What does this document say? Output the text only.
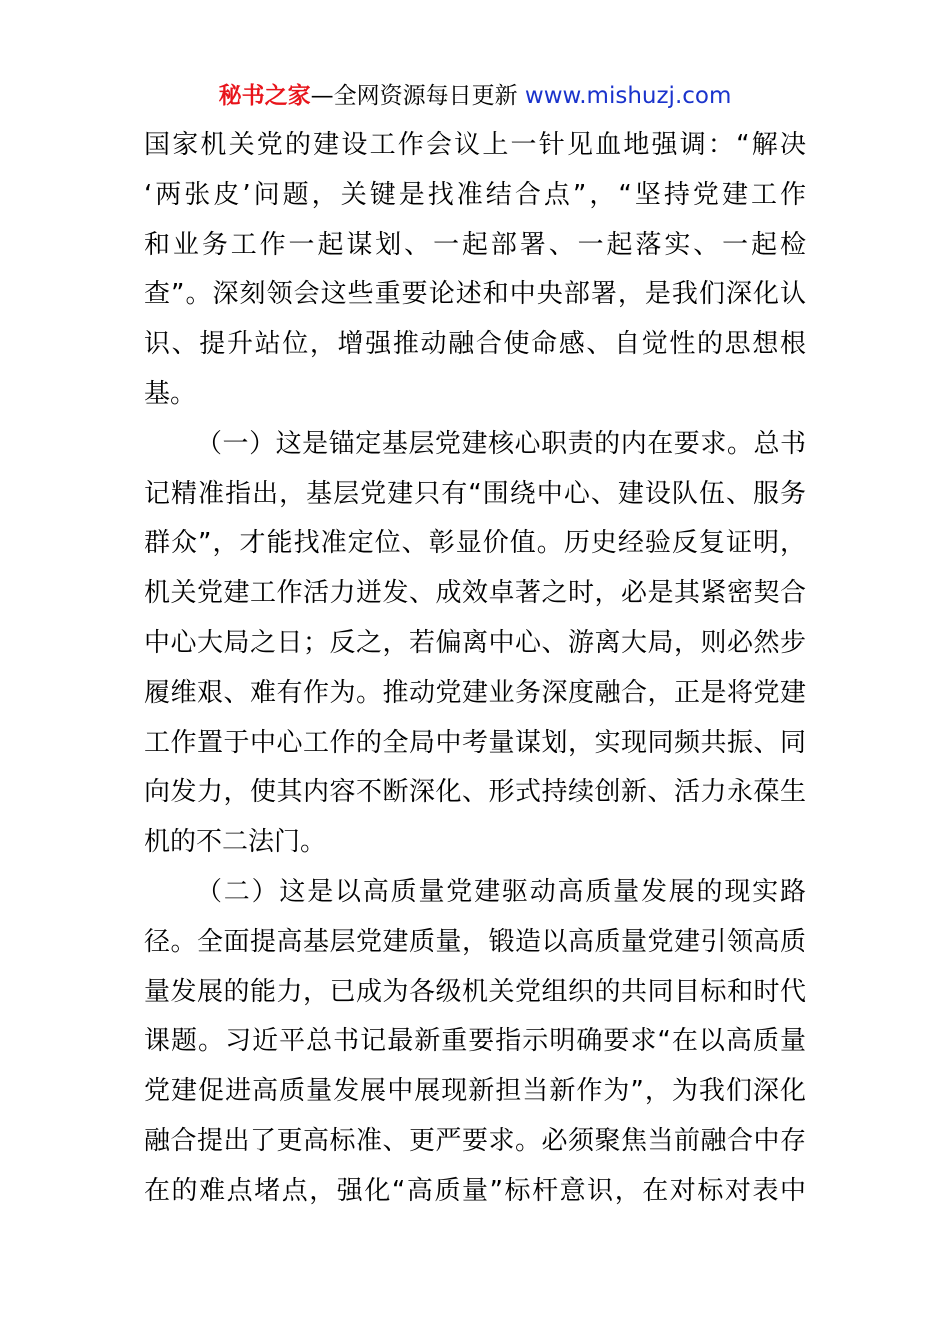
秘书之家—全网资源每日更新 www.mishuzj.com
国家机关党的建设工作会议上一针见血地强调：“解决
‘两张皮’问题，关键是找准结合点”，“坚持党建工作
和业务工作一起谋划、一起部署、一起落实、一起检
查”。深刻领会这些重要论述和中央部署，是我们深化认
识、提升站位，增强推动融合使命感、自觉性的思想根
基。
（一）这是锚定基层党建核心职责的内在要求。总书
记精准指出，基层党建只有“围绕中心、建设队伍、服务
群众”，才能找准定位、彰显价值。历史经验反复证明，
机关党建工作活力迸发、成效卓著之时，必是其紧密契合
中心大局之日；反之，若偏离中心、游离大局，则必然步
履维艰、难有作为。推动党建业务深度融合，正是将党建
工作置于中心工作的全局中考量谋划，实现同频共振、同
向发力，使其内容不断深化、形式持续创新、活力永葆生
机的不二法门。
（二）这是以高质量党建驱动高质量发展的现实路
径。全面提高基层党建质量，锻造以高质量党建引领高质
量发展的能力，已成为各级机关党组织的共同目标和时代
课题。习近平总书记最新重要指示明确要求“在以高质量
党建促进高质量发展中展现新担当新作为”，为我们深化
融合提出了更高标准、更严要求。必须聚焦当前融合中存
在的难点堵点，强化“高质量”标杆意识，在对标对表中
